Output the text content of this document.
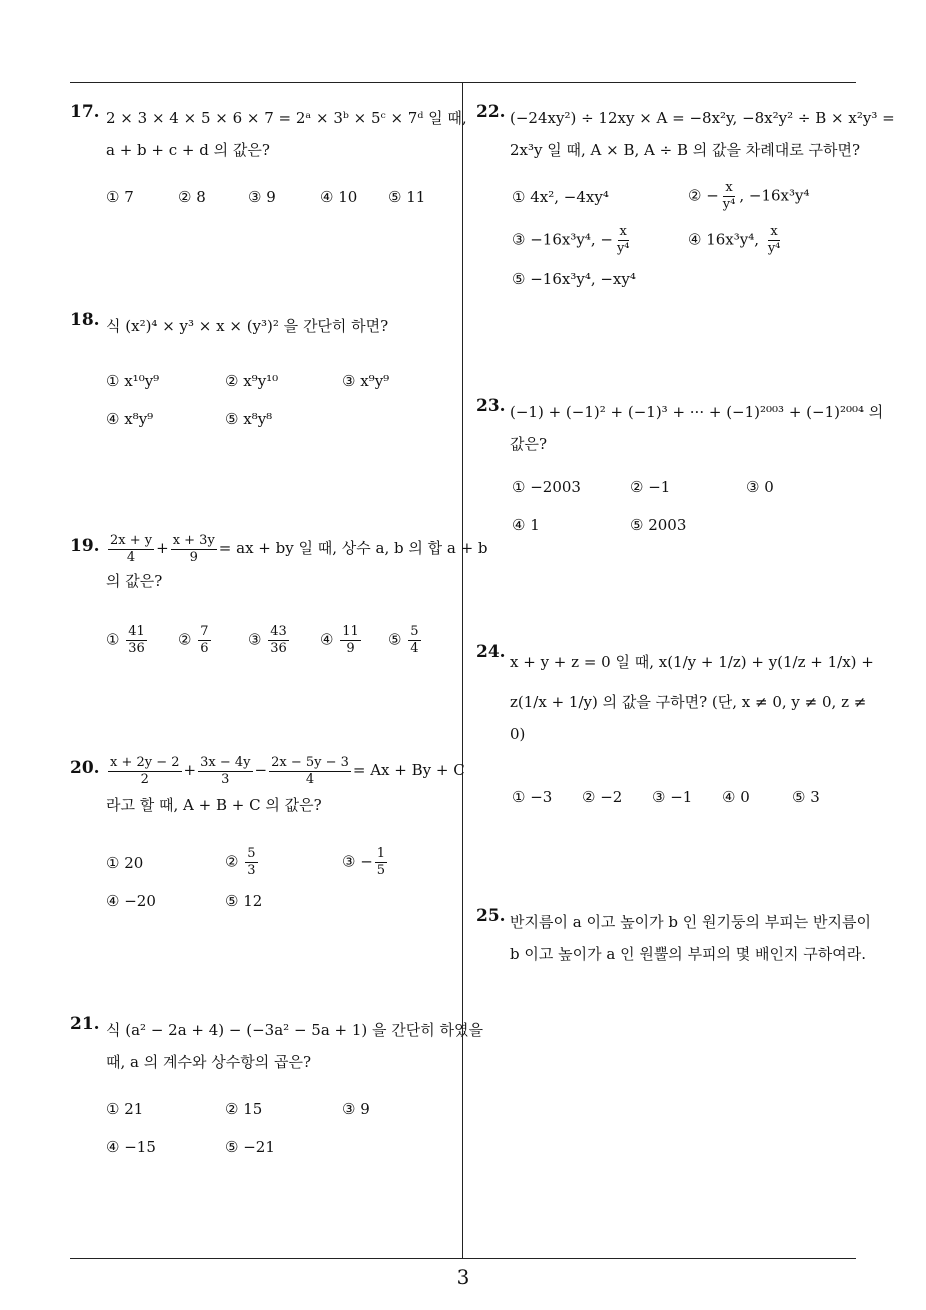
17. 2 × 3 × 4 × 5 × 6 × 7 = 2ᵃ × 3ᵇ × 5ᶜ × 7ᵈ 일 때,
a + b + c + d 의 값은?
① 7	② 8	③ 9	④ 10 ⑤ 11
18. 식 (x²)⁴ × y³ × x × (y³)² 을 간단히 하면?
① x¹⁰y⁹	② x⁹y¹⁰	③ x⁹y⁹
④ x⁸y⁹	⑤ x⁸y⁸
19. $\frac{2x + y}{4} + \frac{x + 3y}{9}$ = ax + by 일 때, 상수 a, b 의 합 a + b
의 값은?
① $\frac{41}{36}$ ② $\frac{7}{6}$ ③ $\frac{43}{36}$ ④ $\frac{11}{9}$ ⑤ $\frac{5}{4}$
20. $\frac{x + 2y - 2}{2} + \frac{3x - 4y}{3} - \frac{2x - 5y - 3}{4} = Ax + By + C$
라고 할 때, A + B + C 의 값은?
① 20	② $\frac{5}{3}$	③ − $\frac{1}{5}$
④ −20	⑤ 12
21. 식 (a² − 2a + 4) − (−3a² − 5a + 1) 을 간단히 하였을
때, a 의 계수와 상수항의 곱은?
① 21	② 15	③ 9
④ −15	⑤ −21
22. (−24xy²) ÷ 12xy × A = −8x²y, −8x²y² ÷ B × x²y³ =
2x³y 일 때, A × B, A ÷ B 의 값을 차례대로 구하면?
① 4x², −4xy⁴	② − $\frac{x}{\text{y⁴}}$ , −16x³y⁴
③ −16x³y⁴, − $\frac{x}{\text{y⁴}}$	④ 16x³y⁴, $\frac{x}{\text{y⁴}}$
⑤ −16x³y⁴, −xy⁴
23. (−1) + (−1)² + (−1)³ + ··· + (−1)²⁰⁰³ + (−1)²⁰⁰⁴ 의
값은?
① −2003	② −1	③ 0
④ 1	⑤ 2003
24. x + y + z = 0 일 때, x(1/y + 1/z) + y(1/z + 1/x) +
z(1/x + 1/y) 의 값을 구하면? (단, x ≠ 0, y ≠ 0, z ≠
0)
① −3 ② −2 ③ −1 ④ 0	⑤ 3
25. 반지름이 a 이고 높이가 b 인 원기둥의 부피는 반지름이
b 이고 높이가 a 인 원뿔의 부피의 몇 배인지 구하여라.
3
